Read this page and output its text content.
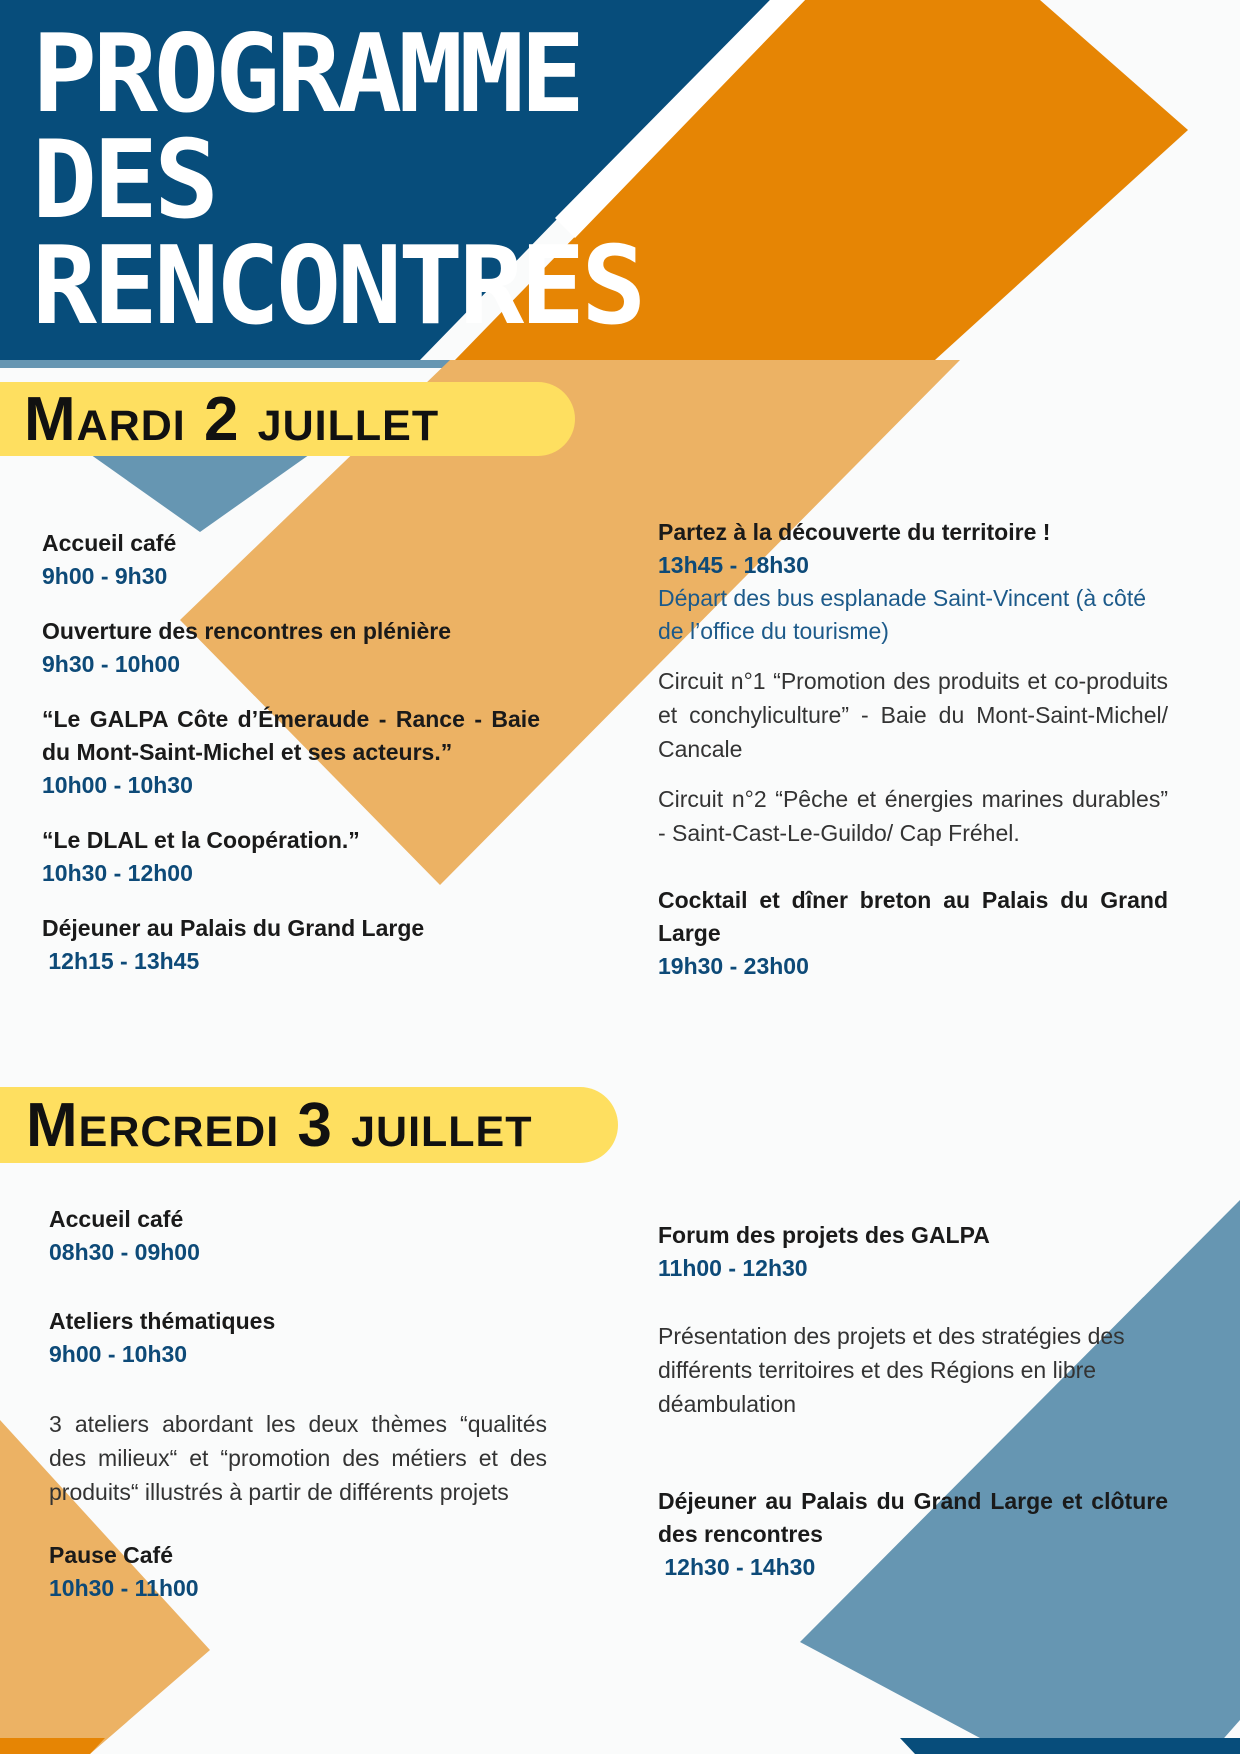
PROGRAMME
DES
RENCONTRES
Mardi 2 juillet
Accueil café
9h00 - 9h30
Ouverture des rencontres en plénière
9h30 - 10h00
“Le GALPA Côte d’Émeraude - Rance - Baie du Mont-Saint-Michel et ses acteurs.”
10h00 - 10h30
“Le DLAL et la Coopération.”
10h30 - 12h00
Déjeuner au Palais du Grand Large
12h15 - 13h45
Partez à la découverte du territoire !
13h45 - 18h30
Départ des bus esplanade Saint-Vincent (à côté de l’office du tourisme)
Circuit n°1 “Promotion des produits et co-produits et conchyliculture” - Baie du Mont-Saint-Michel/ Cancale
Circuit n°2 “Pêche et énergies marines durables” - Saint-Cast-Le-Guildo/ Cap Fréhel.
Cocktail et dîner breton au Palais du Grand Large
19h30 - 23h00
Mercredi 3 juillet
Accueil café
08h30 - 09h00
Ateliers thématiques
9h00 - 10h30
3 ateliers abordant les deux thèmes “qualités des milieux“ et “promotion des métiers et des produits“ illustrés à partir de différents projets
Pause Café
10h30 - 11h00
Forum des projets des GALPA
11h00 - 12h30
Présentation des projets et des stratégies des différents territoires et des Régions en libre déambulation
Déjeuner au Palais du Grand Large et clôture des rencontres
12h30 - 14h30
